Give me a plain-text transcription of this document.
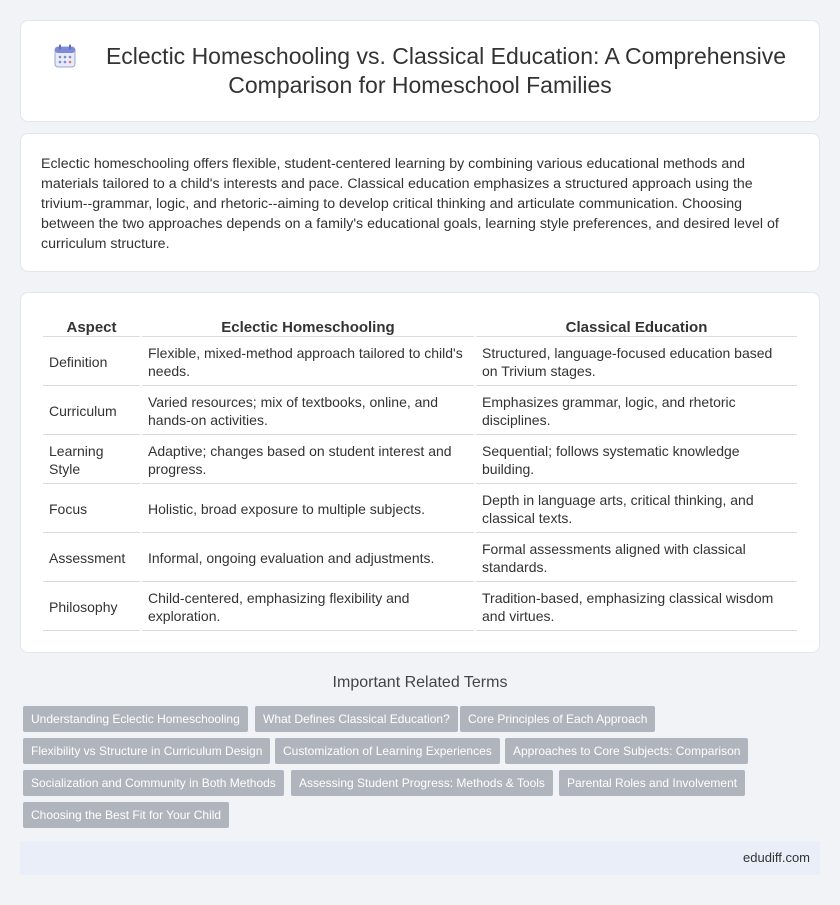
Eclectic Homeschooling vs. Classical Education: A Comprehensive Comparison for Homeschool Families

Eclectic homeschooling offers flexible, student-centered learning by combining various educational methods and materials tailored to a child's interests and pace. Classical education emphasizes a structured approach using the trivium--grammar, logic, and rhetoric--aiming to develop critical thinking and articulate communication. Choosing between the two approaches depends on a family's educational goals, learning style preferences, and desired level of curriculum structure.

Aspect	Eclectic Homeschooling	Classical Education
Definition	Flexible, mixed-method approach tailored to child's needs.	Structured, language-focused education based on Trivium stages.
Curriculum	Varied resources; mix of textbooks, online, and hands-on activities.	Emphasizes grammar, logic, and rhetoric disciplines.
Learning Style	Adaptive; changes based on student interest and progress.	Sequential; follows systematic knowledge building.
Focus	Holistic, broad exposure to multiple subjects.	Depth in language arts, critical thinking, and classical texts.
Assessment	Informal, ongoing evaluation and adjustments.	Formal assessments aligned with classical standards.
Philosophy	Child-centered, emphasizing flexibility and exploration.	Tradition-based, emphasizing classical wisdom and virtues.
Important Related Terms
Understanding Eclectic Homeschooling	What Defines Classical Education?	Core Principles of Each Approach
Flexibility vs Structure in Curriculum Design	Customization of Learning Experiences	Approaches to Core Subjects: Comparison
Socialization and Community in Both Methods	Assessing Student Progress: Methods & Tools	Parental Roles and Involvement
Choosing the Best Fit for Your Child
edudiff.com
